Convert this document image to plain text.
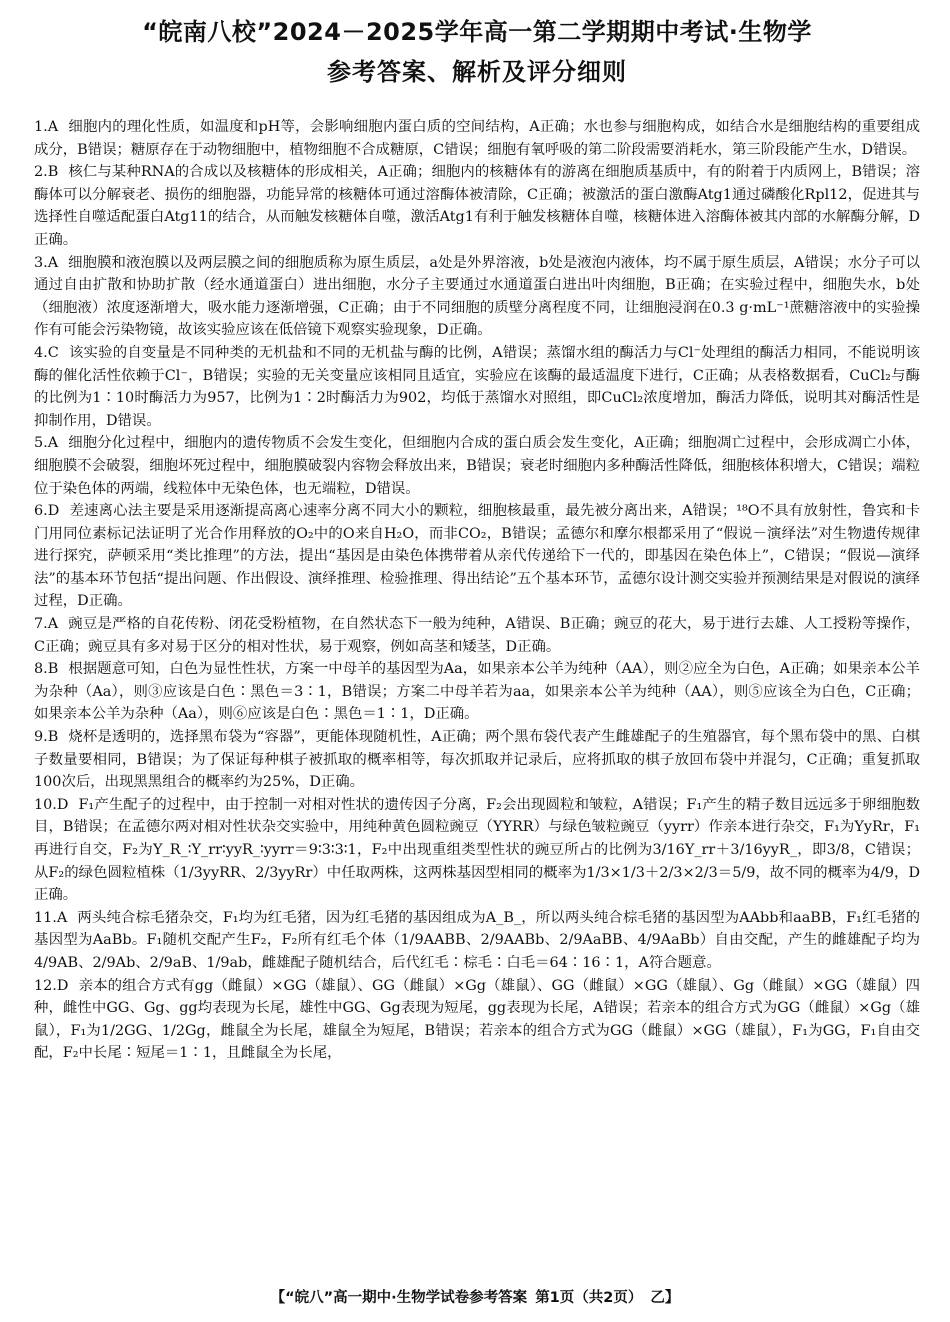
“皖南八校”2024－2025学年高一第二学期期中考试·生物学
参考答案、解析及评分细则
1.A 细胞内的理化性质，如温度和pH等，会影响细胞内蛋白质的空间结构，A正确；水也参与细胞构成，如结合水是细胞结构的重要组成成分，B错误；糖原存在于动物细胞中，植物细胞不合成糖原，C错误；细胞有氧呼吸的第二阶段需要消耗水，第三阶段能产生水，D错误。
2.B 核仁与某种RNA的合成以及核糖体的形成相关，A正确；细胞内的核糖体有的游离在细胞质基质中，有的附着于内质网上，B错误；溶酶体可以分解衰老、损伤的细胞器，功能异常的核糖体可通过溶酶体被清除，C正确；被激活的蛋白激酶Atg1通过磷酸化Rpl12，促进其与选择性自噬适配蛋白Atg11的结合，从而触发核糖体自噬，激活Atg1有利于触发核糖体自噬，核糖体进入溶酶体被其内部的水解酶分解，D正确。
3.A 细胞膜和液泡膜以及两层膜之间的细胞质称为原生质层，a处是外界溶液，b处是液泡内液体，均不属于原生质层，A错误；水分子可以通过自由扩散和协助扩散（经水通道蛋白）进出细胞，水分子主要通过水通道蛋白进出叶肉细胞，B正确；在实验过程中，细胞失水，b处（细胞液）浓度逐渐增大，吸水能力逐渐增强，C正确；由于不同细胞的质壁分离程度不同，让细胞浸润在0.3 g·mL⁻¹蔗糖溶液中的实验操作有可能会污染物镜，故该实验应该在低倍镜下观察实验现象，D正确。
4.C 该实验的自变量是不同种类的无机盐和不同的无机盐与酶的比例，A错误；蒸馏水组的酶活力与Cl⁻处理组的酶活力相同，不能说明该酶的催化活性依赖于Cl⁻，B错误；实验的无关变量应该相同且适宜，实验应在该酶的最适温度下进行，C正确；从表格数据看，CuCl₂与酶的比例为1∶10时酶活力为957，比例为1∶2时酶活力为902，均低于蒸馏水对照组，即CuCl₂浓度增加，酶活力降低，说明其对酶活性是抑制作用，D错误。
5.A 细胞分化过程中，细胞内的遗传物质不会发生变化，但细胞内合成的蛋白质会发生变化，A正确；细胞凋亡过程中，会形成凋亡小体，细胞膜不会破裂，细胞坏死过程中，细胞膜破裂内容物会释放出来，B错误；衰老时细胞内多种酶活性降低，细胞核体积增大，C错误；端粒位于染色体的两端，线粒体中无染色体，也无端粒，D错误。
6.D 差速离心法主要是采用逐渐提高离心速率分离不同大小的颗粒，细胞核最重，最先被分离出来，A错误；¹⁸O不具有放射性，鲁宾和卡门用同位素标记法证明了光合作用释放的O₂中的O来自H₂O，而非CO₂，B错误；孟德尔和摩尔根都采用了“假说－演绎法”对生物遗传规律进行探究，萨顿采用“类比推理”的方法，提出“基因是由染色体携带着从亲代传递给下一代的，即基因在染色体上”，C错误；“假说—演绎法”的基本环节包括“提出问题、作出假设、演绎推理、检验推理、得出结论”五个基本环节，孟德尔设计测交实验并预测结果是对假说的演绎过程，D正确。
7.A 豌豆是严格的自花传粉、闭花受粉植物，在自然状态下一般为纯种，A错误、B正确；豌豆的花大，易于进行去雄、人工授粉等操作，C正确；豌豆具有多对易于区分的相对性状，易于观察，例如高茎和矮茎，D正确。
8.B 根据题意可知，白色为显性性状，方案一中母羊的基因型为Aa，如果亲本公羊为纯种（AA），则②应全为白色，A正确；如果亲本公羊为杂种（Aa），则③应该是白色∶黑色＝3∶1，B错误；方案二中母羊若为aa，如果亲本公羊为纯种（AA），则⑤应该全为白色，C正确；如果亲本公羊为杂种（Aa），则⑥应该是白色∶黑色＝1∶1，D正确。
9.B 烧杯是透明的，选择黑布袋为“容器”，更能体现随机性，A正确；两个黑布袋代表产生雌雄配子的生殖器官，每个黑布袋中的黑、白棋子数量要相同，B错误；为了保证每种棋子被抓取的概率相等，每次抓取并记录后，应将抓取的棋子放回布袋中并混匀，C正确；重复抓取100次后，出现黑黑组合的概率约为25%，D正确。
10.D F₁产生配子的过程中，由于控制一对相对性状的遗传因子分离，F₂会出现圆粒和皱粒，A错误；F₁产生的精子数目远远多于卵细胞数目，B错误；在孟德尔两对相对性状杂交实验中，用纯种黄色圆粒豌豆（YYRR）与绿色皱粒豌豆（yyrr）作亲本进行杂交，F₁为YyRr，F₁再进行自交，F₂为Y_R_∶Y_rr∶yyR_∶yyrr＝9∶3∶3∶1，F₂中出现重组类型性状的豌豆所占的比例为3/16Y_rr＋3/16yyR_，即3/8，C错误；从F₂的绿色圆粒植株（1/3yyRR、2/3yyRr）中任取两株，这两株基因型相同的概率为1/3×1/3＋2/3×2/3＝5/9，故不同的概率为4/9，D正确。
11.A 两头纯合棕毛猪杂交，F₁均为红毛猪，因为红毛猪的基因组成为A_B_，所以两头纯合棕毛猪的基因型为AAbb和aaBB，F₁红毛猪的基因型为AaBb。F₁随机交配产生F₂，F₂所有红毛个体（1/9AABB、2/9AABb、2/9AaBB、4/9AaBb）自由交配，产生的雌雄配子均为4/9AB、2/9Ab、2/9aB、1/9ab，雌雄配子随机结合，后代红毛∶棕毛∶白毛＝64∶16∶1，A符合题意。
12.D 亲本的组合方式有gg（雌鼠）×GG（雄鼠）、GG（雌鼠）×Gg（雄鼠）、GG（雌鼠）×GG（雄鼠）、Gg（雌鼠）×GG（雄鼠）四种，雌性中GG、Gg、gg均表现为长尾，雄性中GG、Gg表现为短尾，gg表现为长尾，A错误；若亲本的组合方式为GG（雌鼠）×Gg（雄鼠），F₁为1/2GG、1/2Gg，雌鼠全为长尾，雄鼠全为短尾，B错误；若亲本的组合方式为GG（雌鼠）×GG（雄鼠），F₁为GG，F₁自由交配，F₂中长尾∶短尾＝1∶1，且雌鼠全为长尾，
【“皖八”高一期中·生物学试卷参考答案 第1页（共2页） 乙】
